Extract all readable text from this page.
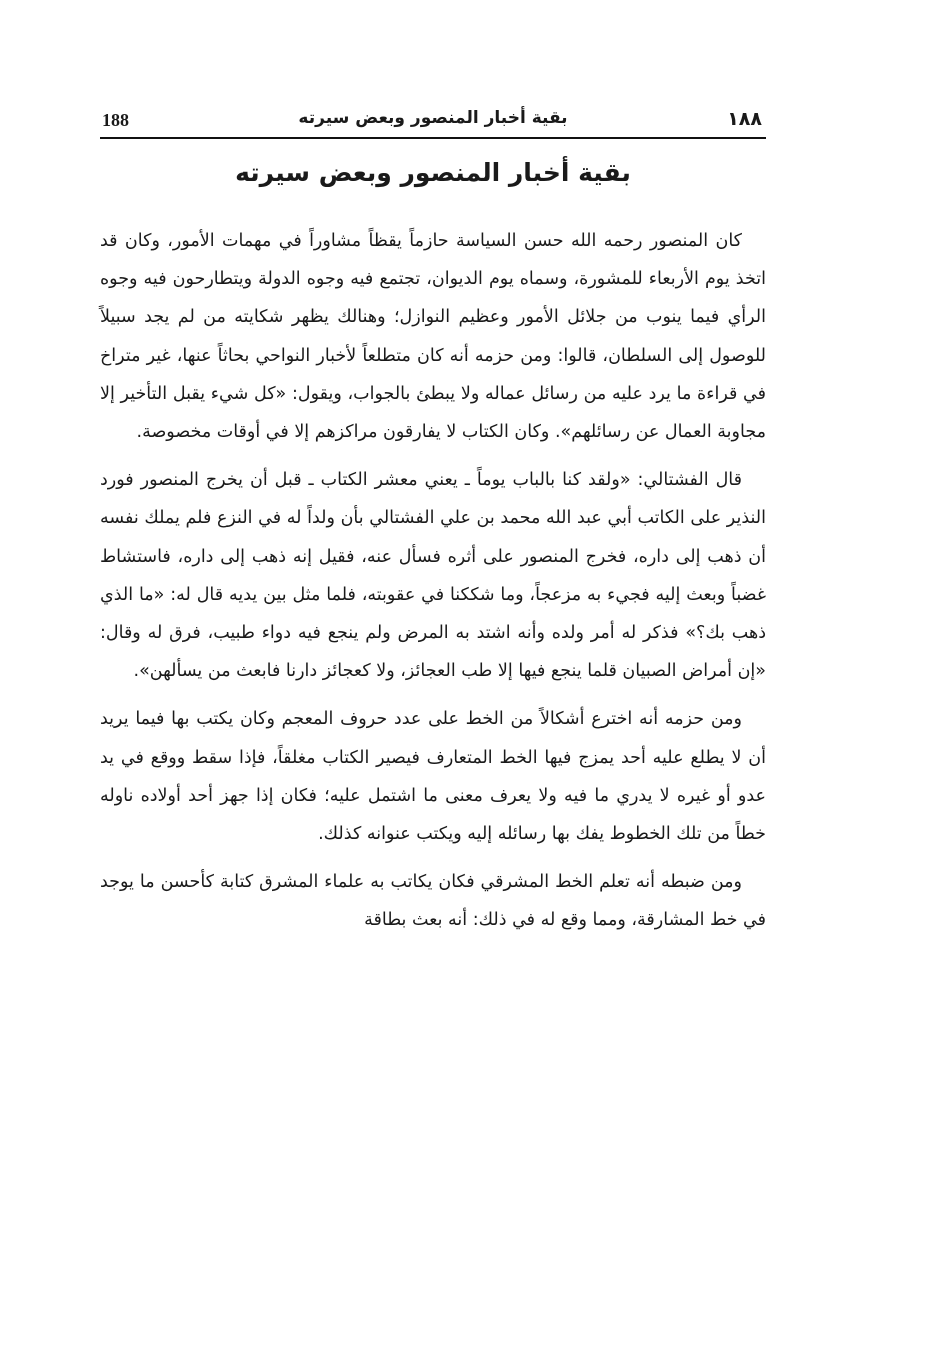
188	بقية أخبار المنصور وبعض سيرته	١٨٨
بقية أخبار المنصور وبعض سيرته

كان المنصور رحمه الله حسن السياسة حازماً يقظاً مشاوراً في مهمات الأمور، وكان قد اتخذ يوم الأربعاء للمشورة، وسماه يوم الديوان، تجتمع فيه وجوه الدولة ويتطارحون فيه وجوه الرأي فيما ينوب من جلائل الأمور وعظيم النوازل؛ وهنالك يظهر شكايته من لم يجد سبيلاً للوصول إلى السلطان، قالوا: ومن حزمه أنه كان متطلعاً لأخبار النواحي بحاثاً عنها، غير متراخ في قراءة ما يرد عليه من رسائل عماله ولا يبطئ بالجواب، ويقول: «كل شيء يقبل التأخير إلا مجاوبة العمال عن رسائلهم». وكان الكتاب لا يفارقون مراكزهم إلا في أوقات مخصوصة.

قال الفشتالي: «ولقد كنا بالباب يوماً ـ يعني معشر الكتاب ـ قبل أن يخرج المنصور فورد النذير على الكاتب أبي عبد الله محمد بن علي الفشتالي بأن ولداً له في النزع فلم يملك نفسه أن ذهب إلى داره، فخرج المنصور على أثره فسأل عنه، فقيل إنه ذهب إلى داره، فاستشاط غضباً وبعث إليه فجيء به مزعجاً، وما شككنا في عقوبته، فلما مثل بين يديه قال له: «ما الذي ذهب بك؟» فذكر له أمر ولده وأنه اشتد به المرض ولم ينجع فيه دواء طبيب، فرق له وقال: «إن أمراض الصبيان قلما ينجع فيها إلا طب العجائز، ولا كعجائز دارنا فابعث من يسألهن».

ومن حزمه أنه اخترع أشكالاً من الخط على عدد حروف المعجم وكان يكتب بها فيما يريد أن لا يطلع عليه أحد يمزج فيها الخط المتعارف فيصير الكتاب مغلقاً، فإذا سقط ووقع في يد عدو أو غيره لا يدري ما فيه ولا يعرف معنى ما اشتمل عليه؛ فكان إذا جهز أحد أولاده ناوله خطاً من تلك الخطوط يفك بها رسائله إليه ويكتب عنوانه كذلك.

ومن ضبطه أنه تعلم الخط المشرقي فكان يكاتب به علماء المشرق كتابة كأحسن ما يوجد في خط المشارقة، ومما وقع له في ذلك: أنه بعث بطاقة
